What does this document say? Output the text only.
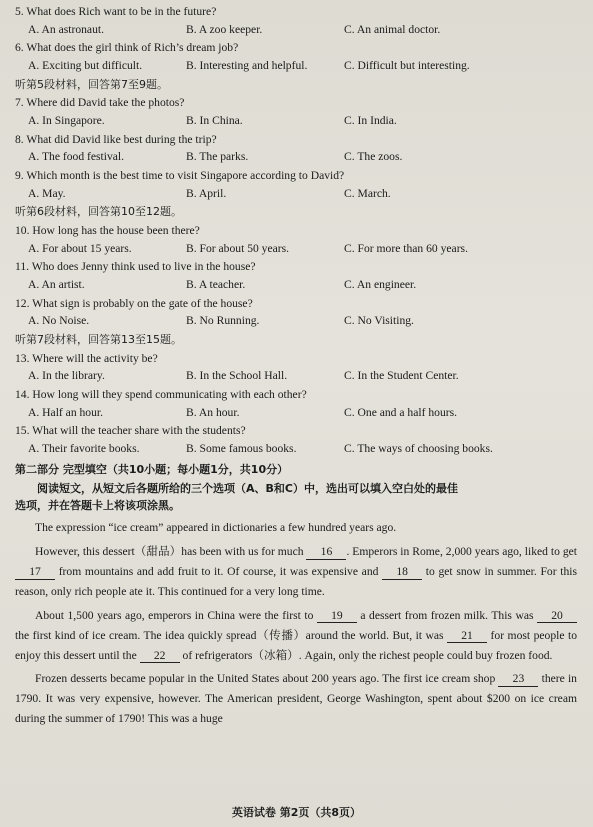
5. What does Rich want to be in the future?
A. An astronaut.	B. A zoo keeper.	C. An animal doctor.
6. What does the girl think of Rich’s dream job?
A. Exciting but difficult.	B. Interesting and helpful.	C. Difficult but interesting.
听第5段材料，回答第7至9题。
7. Where did David take the photos?
A. In Singapore.	B. In China.	C. In India.
8. What did David like best during the trip?
A. The food festival.	B. The parks.	C. The zoos.
9. Which month is the best time to visit Singapore according to David?
A. May.	B. April.	C. March.
听第6段材料，回答第10至12题。
10. How long has the house been there?
A. For about 15 years.	B. For about 50 years.	C. For more than 60 years.
11. Who does Jenny think used to live in the house?
A. An artist.	B. A teacher.	C. An engineer.
12. What sign is probably on the gate of the house?
A. No Noise.	B. No Running.	C. No Visiting.
听第7段材料，回答第13至15题。
13. Where will the activity be?
A. In the library.	B. In the School Hall.	C. In the Student Center.
14. How long will they spend communicating with each other?
A. Half an hour.	B. An hour.	C. One and a half hours.
15. What will the teacher share with the students?
A. Their favorite books.	B. Some famous books.	C. The ways of choosing books.
第二部分 完型填空（共10小题；每小题1分，共10分）
阅读短文，从短文后各题所给的三个选项（A、B和C）中，选出可以填入空白处的最佳
选项，并在答题卡上将该项涂黑。
The expression “ice cream” appeared in dictionaries a few hundred years ago.
However, this dessert（甜品）has been with us for much 16 . Emperors in Rome, 2,000 years ago, liked to get 17 from mountains and add fruit to it. Of course, it was expensive and 18 to get snow in summer. For this reason, only rich people ate it. This continued for a very long time.
About 1,500 years ago, emperors in China were the first to 19 a dessert from frozen milk. This was 20 the first kind of ice cream. The idea quickly spread（传播）around the world. But, it was 21 for most people to enjoy this dessert until the 22 of refrigerators（冰箱）. Again, only the richest people could buy frozen food.
Frozen desserts became popular in the United States about 200 years ago. The first ice cream shop 23 there in 1790. It was very expensive, however. The American president, George Washington, spent about $200 on ice cream during the summer of 1790! This was a huge
英语试卷 第2页（共8页）
